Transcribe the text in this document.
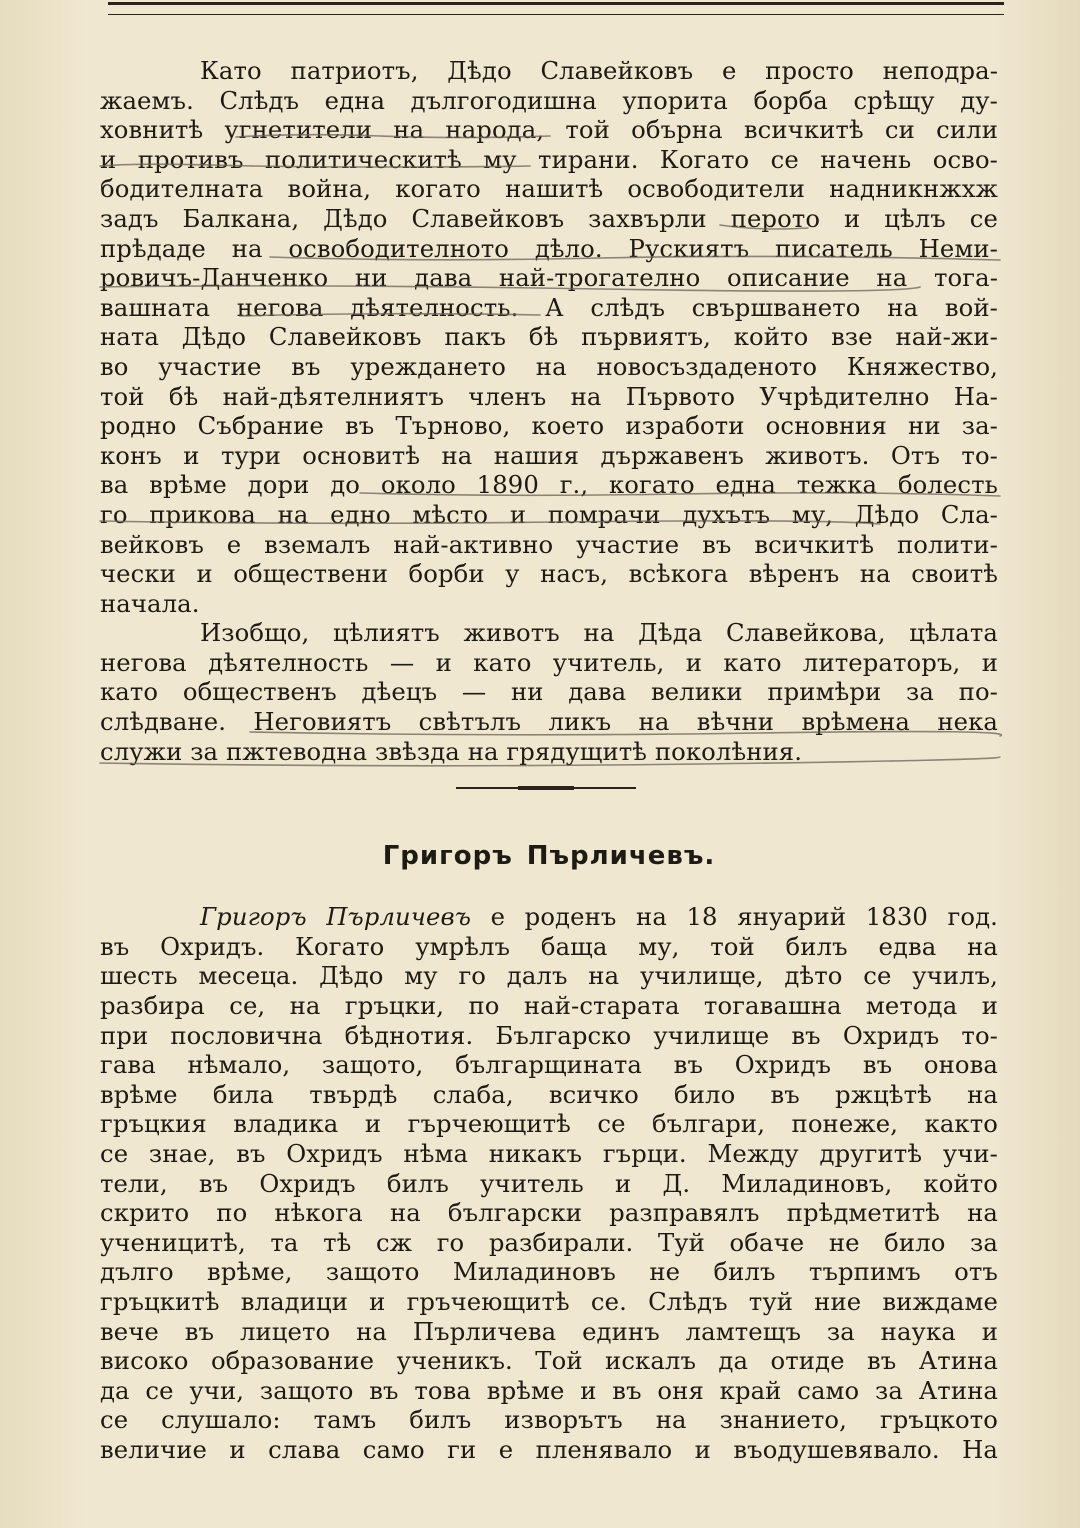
Като патриотъ, Дѣдо Славейковъ е просто неподра-
жаемъ. Слѣдъ една дългогодишна упорита борба срѣщу ду-
ховнитѣ угнетители на народа, той обърна всичкитѣ си сили
и противъ политическитѣ му тирани. Когато се начень осво-
бодителната война, когато нашитѣ освободители надникнжхж
задъ Балкана, Дѣдо Славейковъ захвърли перото и цѣлъ се
прѣдаде на освободителното дѣло. Рускиятъ писатель Неми-
ровичъ-Данченко ни дава най-трогателно описание на тога-
вашната негова дѣятелность. А слѣдъ свършването на вой-
ната Дѣдо Славейковъ пакъ бѣ първиятъ, който взе най-жи-
во участие въ уреждането на новосъздаденото Княжество,
той бѣ най-дѣятелниятъ членъ на Първото Учрѣдително На-
родно Събрание въ Търново, което изработи основния ни за-
конъ и тури основитѣ на нашия държавенъ животъ. Отъ то-
ва врѣме дори до около 1890 г., когато една тежка болесть
го прикова на едно мѣсто и помрачи духътъ му, Дѣдо Сла-
вейковъ е вземалъ най-активно участие въ всичкитѣ полити-
чески и обществени борби у насъ, всѣкога вѣренъ на своитѣ
начала.
Изобщо, цѣлиятъ животъ на Дѣда Славейкова, цѣлата
негова дѣятелность — и като учитель, и като литераторъ, и
като общественъ дѣецъ — ни дава велики примѣри за по-
слѣдване. Неговиятъ свѣтълъ ликъ на вѣчни врѣмена нека
служи за пжтеводна звѣзда на грядущитѣ поколѣния.
Григоръ Пърличевъ.
Григоръ Пърличевъ е роденъ на 18 януарий 1830 год.
въ Охридъ. Когато умрѣлъ баща му, той билъ едва на
шесть месеца. Дѣдо му го далъ на училище, дѣто се училъ,
разбира се, на гръцки, по най-старата тогавашна метода и
при пословична бѣднотия. Българско училище въ Охридъ то-
гава нѣмало, защото, българщината въ Охридъ въ онова
врѣме била твърдѣ слаба, всичко било въ ржцѣтѣ на
гръцкия владика и гърчеющитѣ се българи, понеже, както
се знае, въ Охридъ нѣма никакъ гърци. Между другитѣ учи-
тели, въ Охридъ билъ учитель и Д. Миладиновъ, който
скрито по нѣкога на български разправялъ прѣдметитѣ на
ученицитѣ, та тѣ сж го разбирали. Туй обаче не било за
дълго врѣме, защото Миладиновъ не билъ търпимъ отъ
гръцкитѣ владици и гръчеющитѣ се. Слѣдъ туй ние виждаме
вече въ лицето на Пърличева единъ ламтещъ за наука и
високо образование ученикъ. Той искалъ да отиде въ Атина
да се учи, защото въ това врѣме и въ оня край само за Атина
се слушало: тамъ билъ изворътъ на знанието, гръцкото
величие и слава само ги е пленявало и въодушевявало. На
